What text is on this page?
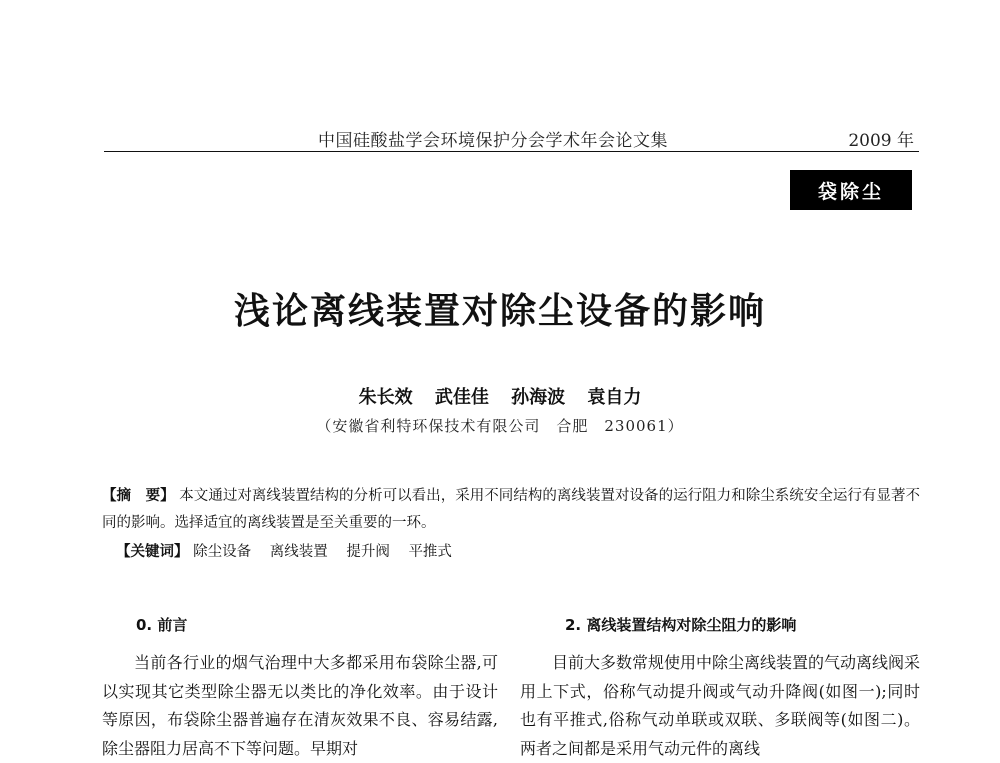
中国硅酸盐学会环境保护分会学术年会论文集	2009 年
袋除尘
浅论离线装置对除尘设备的影响
朱长效 武佳佳 孙海波 袁自力
（安徽省利特环保技术有限公司　合肥　230061）
【摘　要】 本文通过对离线装置结构的分析可以看出，采用不同结构的离线装置对设备的运行阻力和除尘系统安全运行有显著不同的影响。选择适宜的离线装置是至关重要的一环。
【关键词】 除尘设备 离线装置 提升阀 平推式
0. 前言	2. 离线装置结构对除尘阻力的影响

当前各行业的烟气治理中大多都采用布袋除尘器,可以实现其它类型除尘器无以类比的净化效率。由于设计等原因，布袋除尘器普遍存在清灰效果不良、容易结露,除尘器阻力居高不下等问题。早期对

目前大多数常规使用中除尘离线装置的气动离线阀采用上下式，俗称气动提升阀或气动升降阀(如图一);同时也有平推式,俗称气动单联或双联、多联阀等(如图二)。两者之间都是采用气动元件的离线
